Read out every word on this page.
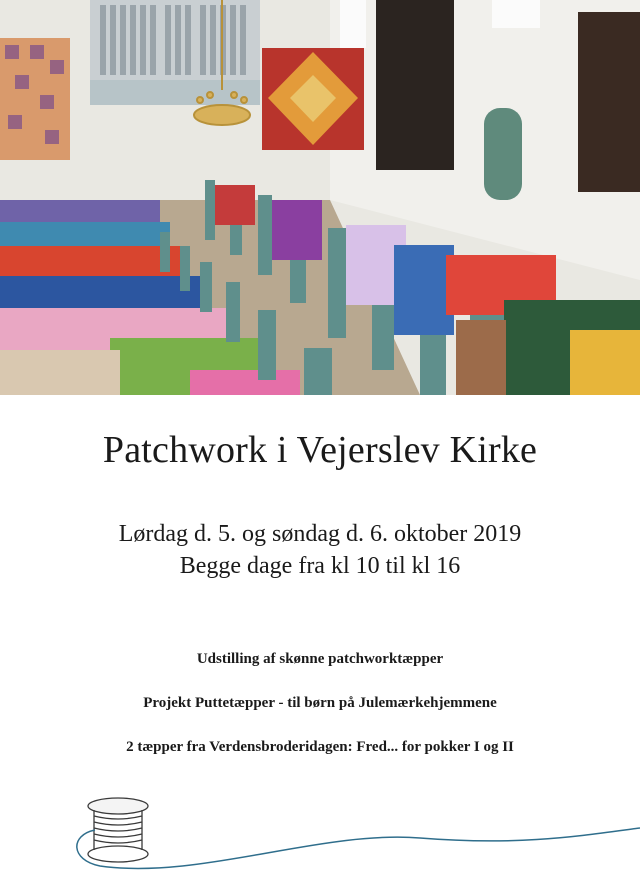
Patchwork i Vejerslev Kirke
Lørdag d. 5. og søndag d. 6. oktober 2019
Begge dage fra kl 10 til kl 16
Udstilling af skønne patchworktæpper
Projekt Puttetæpper - til børn på Julemærkehjemmene
2 tæpper fra Verdensbroderidagen: Fred... for pokker I og II
